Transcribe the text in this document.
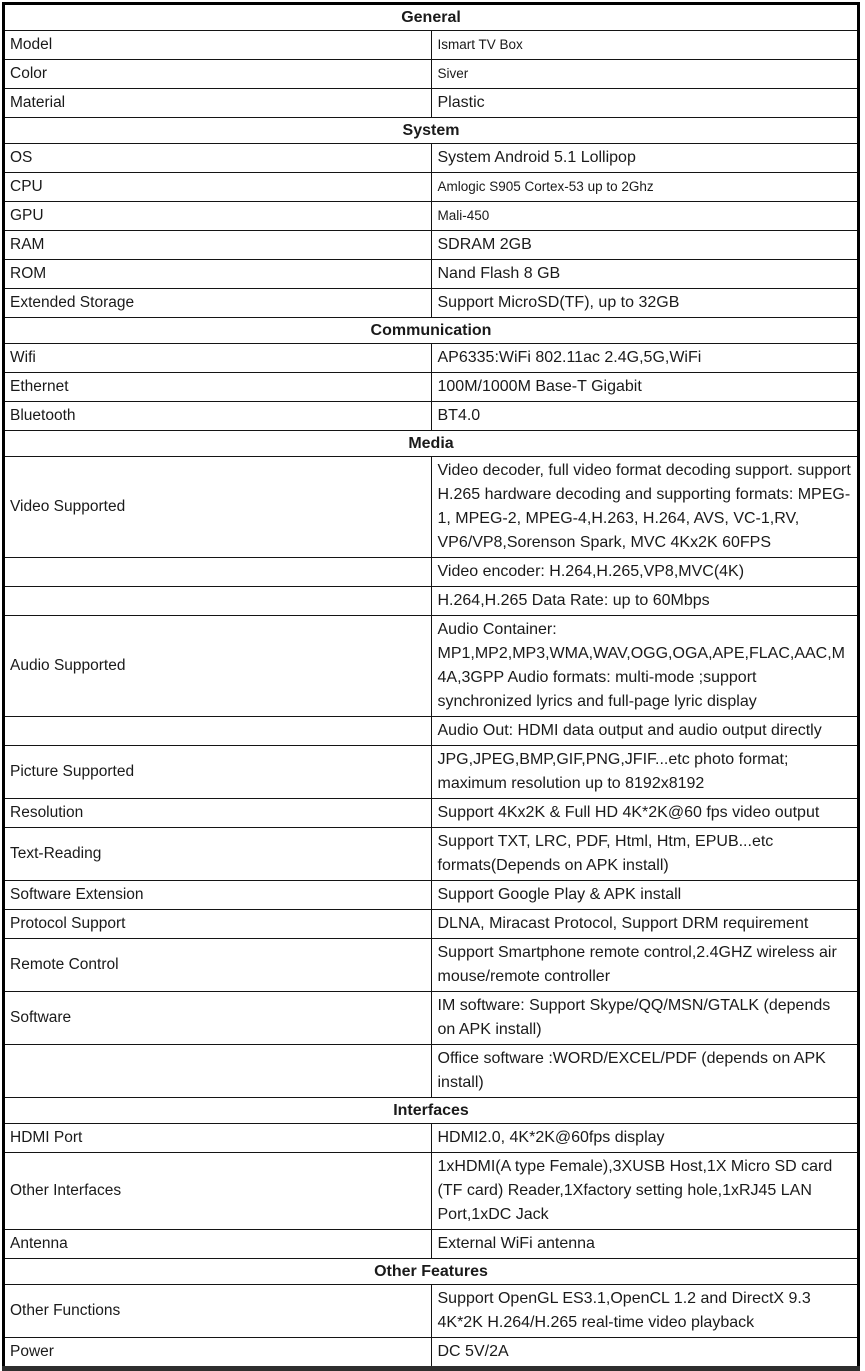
General	
Model	Ismart TV Box
Color	Siver
Material	Plastic
System	
OS	System Android 5.1 Lollipop
CPU	Amlogic S905 Cortex-53 up to 2Ghz
GPU	Mali-450
RAM	SDRAM 2GB
ROM	Nand Flash 8 GB
Extended Storage	Support MicroSD(TF), up to 32GB
Communication	
Wifi	AP6335:WiFi 802.11ac 2.4G,5G,WiFi
Ethernet	100M/1000M Base-T Gigabit
Bluetooth	BT4.0
Media	
Video Supported	Video decoder, full video format decoding support. support H.265 hardware decoding and supporting formats: MPEG-1, MPEG-2, MPEG-4,H.263, H.264, AVS, VC-1,RV, VP6/VP8,Sorenson Spark, MVC 4Kx2K 60FPS
	Video encoder: H.264,H.265,VP8,MVC(4K)
	H.264,H.265 Data Rate: up to 60Mbps
Audio Supported	Audio Container: MP1,MP2,MP3,WMA,WAV,OGG,OGA,APE,FLAC,AAC,M4A,3GPP Audio formats: multi-mode ;support synchronized lyrics and full-page lyric display
	Audio Out: HDMI data output and audio output directly
Picture Supported	JPG,JPEG,BMP,GIF,PNG,JFIF...etc photo format; maximum resolution up to 8192x8192
Resolution	Support 4Kx2K & Full HD 4K*2K@60 fps video output
Text-Reading	Support TXT, LRC, PDF, Html, Htm, EPUB...etc formats(Depends on APK install)
Software Extension	Support Google Play & APK install
Protocol Support	DLNA, Miracast Protocol, Support DRM requirement
Remote Control	Support Smartphone remote control,2.4GHZ wireless air mouse/remote controller
Software	IM software: Support Skype/QQ/MSN/GTALK (depends on APK install)
	Office software :WORD/EXCEL/PDF (depends on APK install)
Interfaces	
HDMI Port	HDMI2.0, 4K*2K@60fps display
Other Interfaces	1xHDMI(A type Female),3XUSB Host,1X Micro SD card (TF card) Reader,1Xfactory setting hole,1xRJ45 LAN Port,1xDC Jack
Antenna	External WiFi antenna
Other Features	
Other Functions	Support OpenGL ES3.1,OpenCL 1.2 and DirectX 9.3 4K*2K H.264/H.265 real-time video playback
Power	DC 5V/2A
